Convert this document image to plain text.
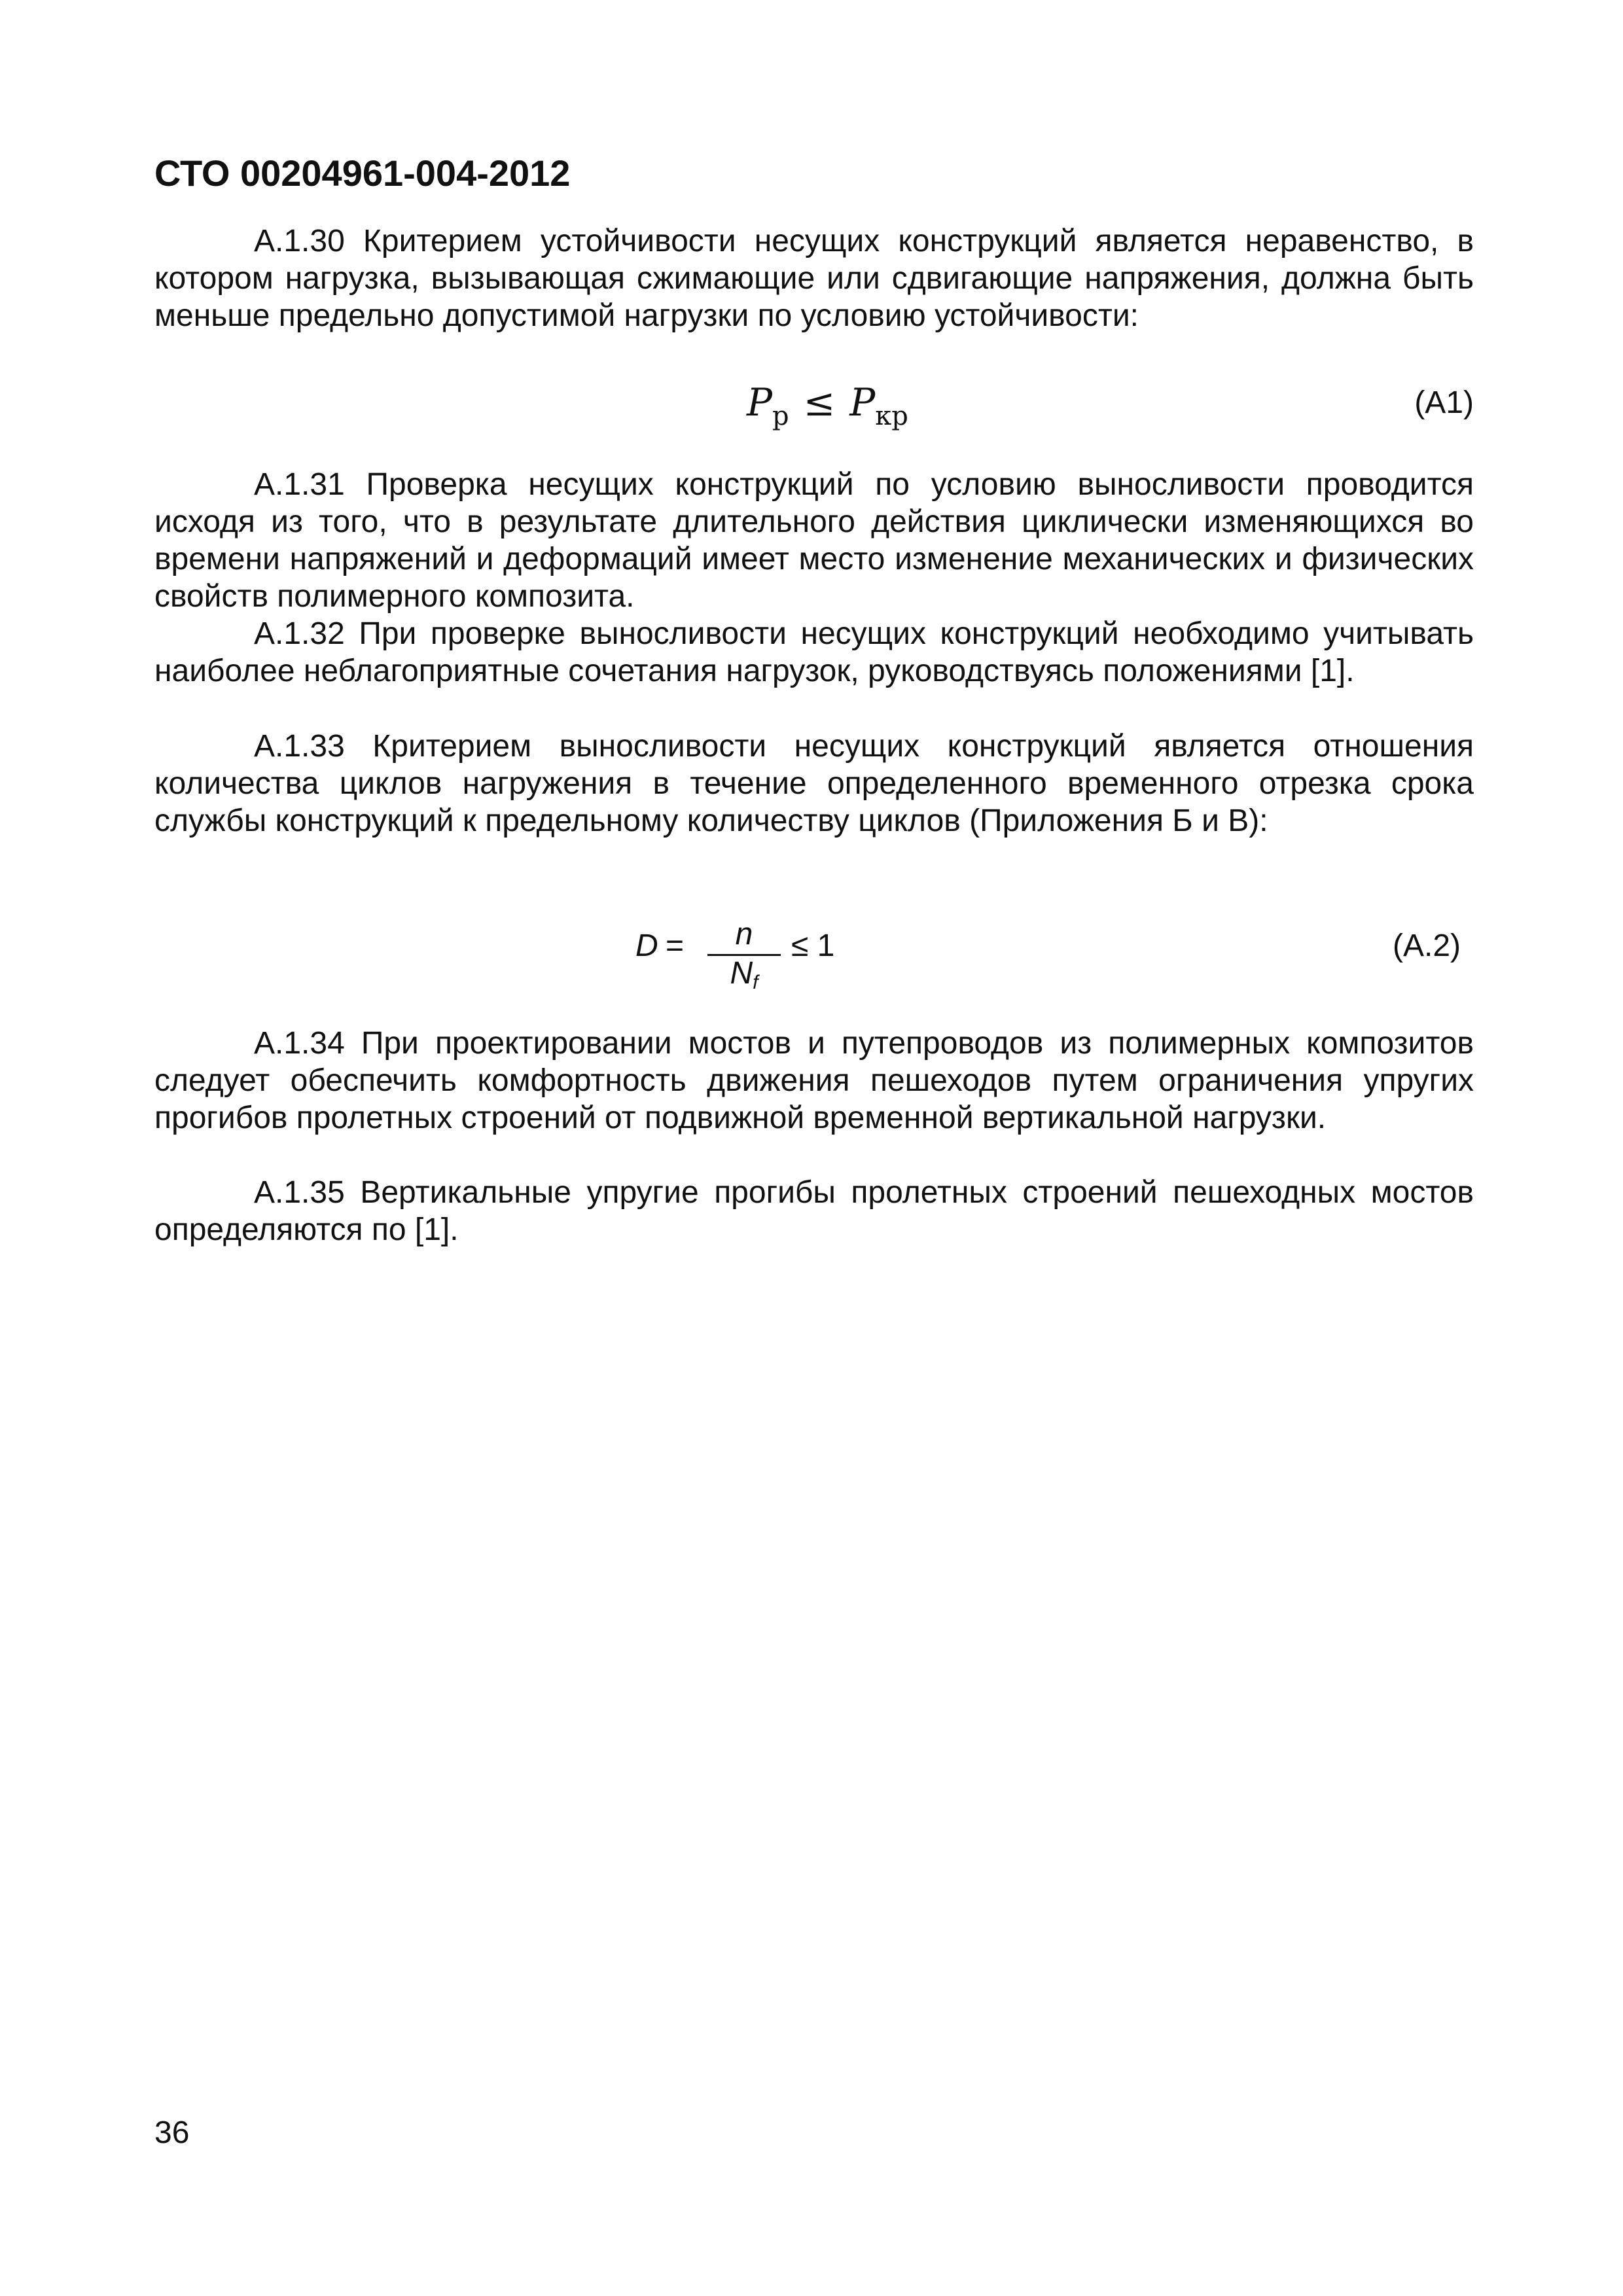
СТО 00204961-004-2012

А.1.30 Критерием устойчивости несущих конструкций является неравенство, в котором нагрузка, вызывающая сжимающие или сдвигающие напряжения, должна быть меньше предельно допустимой нагрузки по условию устойчивости:

$P_р \le P_{кр}$	(А1)

А.1.31 Проверка несущих конструкций по условию выносливости проводится исходя из того, что в результате длительного действия циклически изменяющихся во времени напряжений и деформаций имеет место изменение механических и физических свойств полимерного композита.

А.1.32 При проверке выносливости несущих конструкций необходимо учитывать наиболее неблагоприятные сочетания нагрузок, руководствуясь положениями [1].

А.1.33 Критерием выносливости несущих конструкций является отношения количества циклов нагружения в течение определенного временного отрезка срока службы конструкций к предельному количеству циклов (Приложения Б и В):

D =	n
Nf
≤ 1	(А.2)

А.1.34 При проектировании мостов и путепроводов из полимерных композитов следует обеспечить комфортность движения пешеходов путем ограничения упругих прогибов пролетных строений от подвижной временной вертикальной нагрузки.

А.1.35 Вертикальные упругие прогибы пролетных строений пешеходных мостов определяются по [1].

36
